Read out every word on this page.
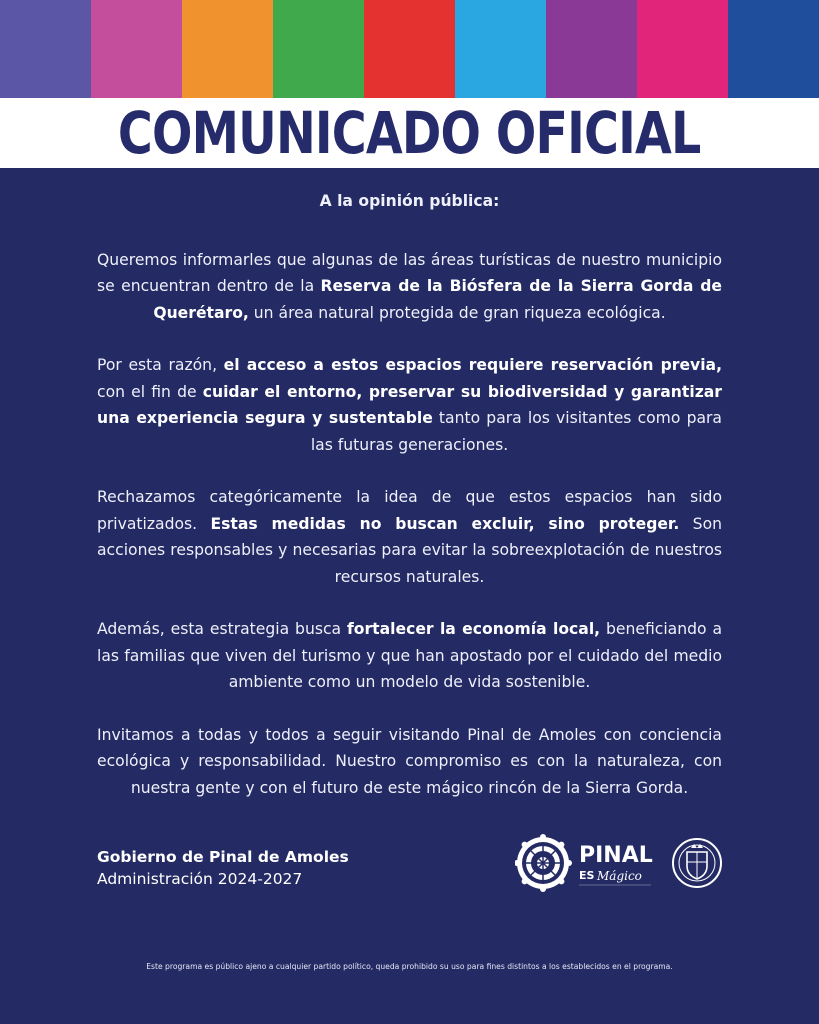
COMUNICADO OFICIAL

A la opinión pública:

Queremos informarles que algunas de las áreas turísticas de nuestro municipio se encuentran dentro de la Reserva de la Biósfera de la Sierra Gorda de Querétaro, un área natural protegida de gran riqueza ecológica.

Por esta razón, el acceso a estos espacios requiere reservación previa, con el fin de cuidar el entorno, preservar su biodiversidad y garantizar una experiencia segura y sustentable tanto para los visitantes como para las futuras generaciones.

Rechazamos categóricamente la idea de que estos espacios han sido privatizados. Estas medidas no buscan excluir, sino proteger. Son acciones responsables y necesarias para evitar la sobreexplotación de nuestros recursos naturales.

Además, esta estrategia busca fortalecer la economía local, beneficiando a las familias que viven del turismo y que han apostado por el cuidado del medio ambiente como un modelo de vida sostenible.

Invitamos a todas y todos a seguir visitando Pinal de Amoles con conciencia ecológica y responsabilidad. Nuestro compromiso es con la naturaleza, con nuestra gente y con el futuro de este mágico rincón de la Sierra Gorda.

Gobierno de Pinal de Amoles
Administración 2024-2027
PINAL
ES Mágico
Este programa es público ajeno a cualquier partido político, queda prohibido su uso para fines distintos a los establecidos en el programa.
